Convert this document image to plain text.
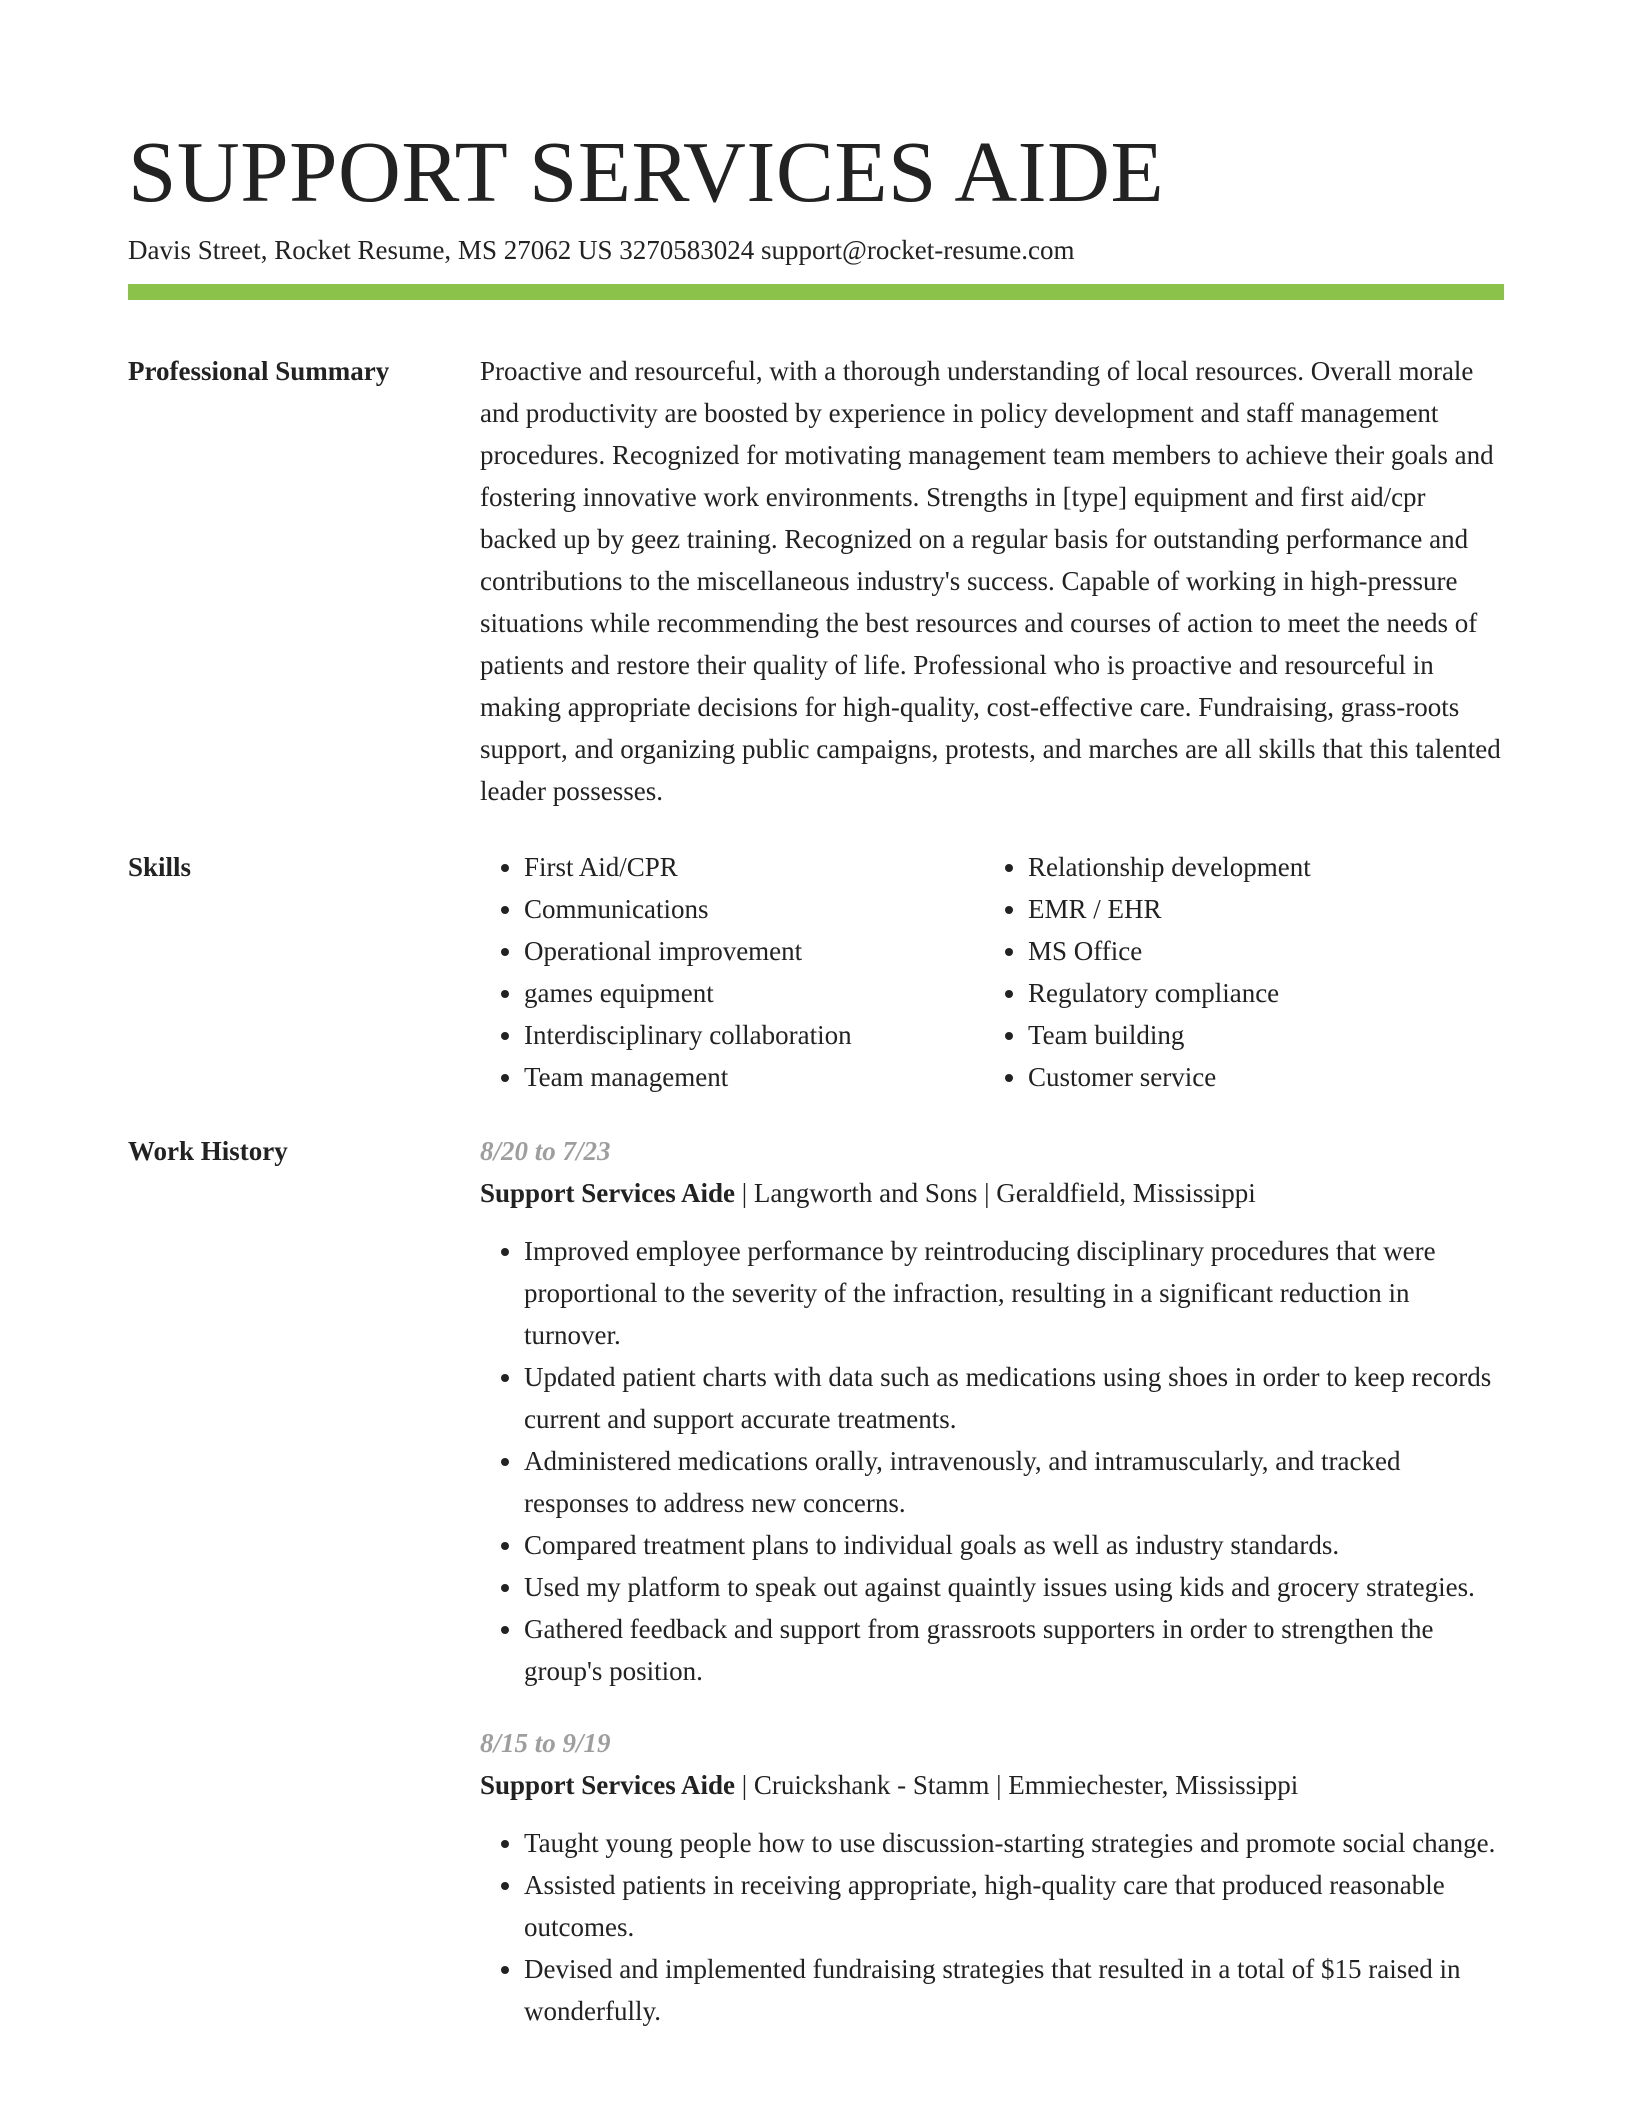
SUPPORT SERVICES AIDE
Davis Street, Rocket Resume, MS 27062 US 3270583024 support@rocket-resume.com
Professional Summary	Proactive and resourceful, with a thorough understanding of local resources. Overall morale and productivity are boosted by experience in policy development and staff management procedures. Recognized for motivating management team members to achieve their goals and fostering innovative work environments. Strengths in [type] equipment and first aid/cpr backed up by geez training. Recognized on a regular basis for outstanding performance and contributions to the miscellaneous industry's success. Capable of working in high-pressure situations while recommending the best resources and courses of action to meet the needs of patients and restore their quality of life. Professional who is proactive and resourceful in making appropriate decisions for high-quality, cost-effective care. Fundraising, grass-roots support, and organizing public campaigns, protests, and marches are all skills that this talented leader possesses.

Skills
•	First Aid/CPR
• Communications
• Operational improvement
• games equipment
• Interdisciplinary collaboration
• Team management
• Relationship development
• EMR / EHR
• MS Office
• Regulatory compliance
• Team building
• Customer service
Work History	8/20 to 7/23

Support Services Aide | Langworth and Sons | Geraldfield, Mississippi

• Improved employee performance by reintroducing disciplinary procedures that were proportional to the severity of the infraction, resulting in a significant reduction in turnover.
• Updated patient charts with data such as medications using shoes in order to keep records current and support accurate treatments.
• Administered medications orally, intravenously, and intramuscularly, and tracked responses to address new concerns.
• Compared treatment plans to individual goals as well as industry standards.
• Used my platform to speak out against quaintly issues using kids and grocery strategies.
• Gathered feedback and support from grassroots supporters in order to strengthen the group's position.
8/15 to 9/19

Support Services Aide | Cruickshank - Stamm | Emmiechester, Mississippi

• Taught young people how to use discussion-starting strategies and promote social change.
• Assisted patients in receiving appropriate, high-quality care that produced reasonable outcomes.
• Devised and implemented fundraising strategies that resulted in a total of $15 raised in wonderfully.
